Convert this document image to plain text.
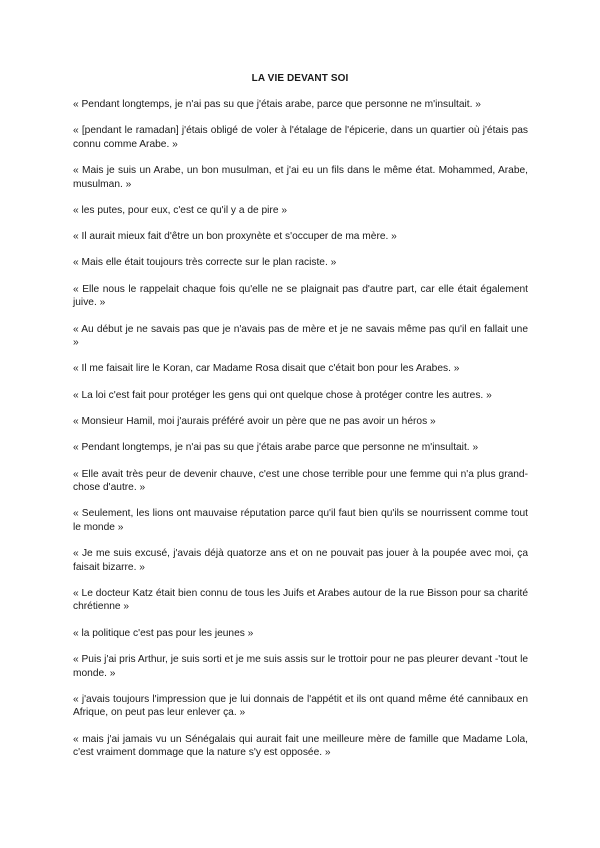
LA VIE DEVANT SOI
« Pendant longtemps, je n'ai pas su que j'étais arabe, parce que personne ne m'insultait. »
« [pendant le ramadan] j'étais obligé de voler à l'étalage de l'épicerie, dans un quartier où j'étais pas connu comme Arabe. »
« Mais je suis un Arabe, un bon musulman, et j'ai eu un fils dans le même état. Mohammed, Arabe, musulman. »
« les putes, pour eux, c'est ce qu'il y a de pire »
« Il aurait mieux fait d'être un bon proxynète et s'occuper de ma mère. »
« Mais elle était toujours très correcte sur le plan raciste. »
« Elle nous le rappelait chaque fois qu'elle ne se plaignait pas d'autre part, car elle était également juive. »
« Au début je ne savais pas que je n'avais pas de mère et je ne savais même pas qu'il en fallait une »
« Il me faisait lire le Koran, car Madame Rosa disait que c'était bon pour les Arabes. »
« La loi c'est fait pour protéger les gens qui ont quelque chose à protéger contre les autres. »
« Monsieur Hamil, moi j'aurais préféré avoir un père que ne pas avoir un héros »
« Pendant longtemps, je n'ai pas su que j'étais arabe parce que personne ne m'insultait. »
« Elle avait très peur de devenir chauve, c'est une chose terrible pour une femme qui n'a plus grand-chose d'autre. »
« Seulement, les lions ont mauvaise réputation parce qu'il faut bien qu'ils se nourrissent comme tout le monde »
« Je me suis excusé, j'avais déjà quatorze ans et on ne pouvait pas jouer à la poupée avec moi, ça faisait bizarre. »
« Le docteur Katz était bien connu de tous les Juifs et Arabes autour de la rue Bisson pour sa charité chrétienne »
« la politique c'est pas pour les jeunes »
« Puis j'ai pris Arthur, je suis sorti et je me suis assis sur le trottoir pour ne pas pleurer devant -'tout le monde. »
« j'avais toujours l'impression que je lui donnais de l'appétit et ils ont quand même été cannibaux en Afrique, on peut pas leur enlever ça. »
« mais j'ai jamais vu un Sénégalais qui aurait fait une meilleure mère de famille que Madame Lola, c'est vraiment dommage que la nature s'y est opposée. »
